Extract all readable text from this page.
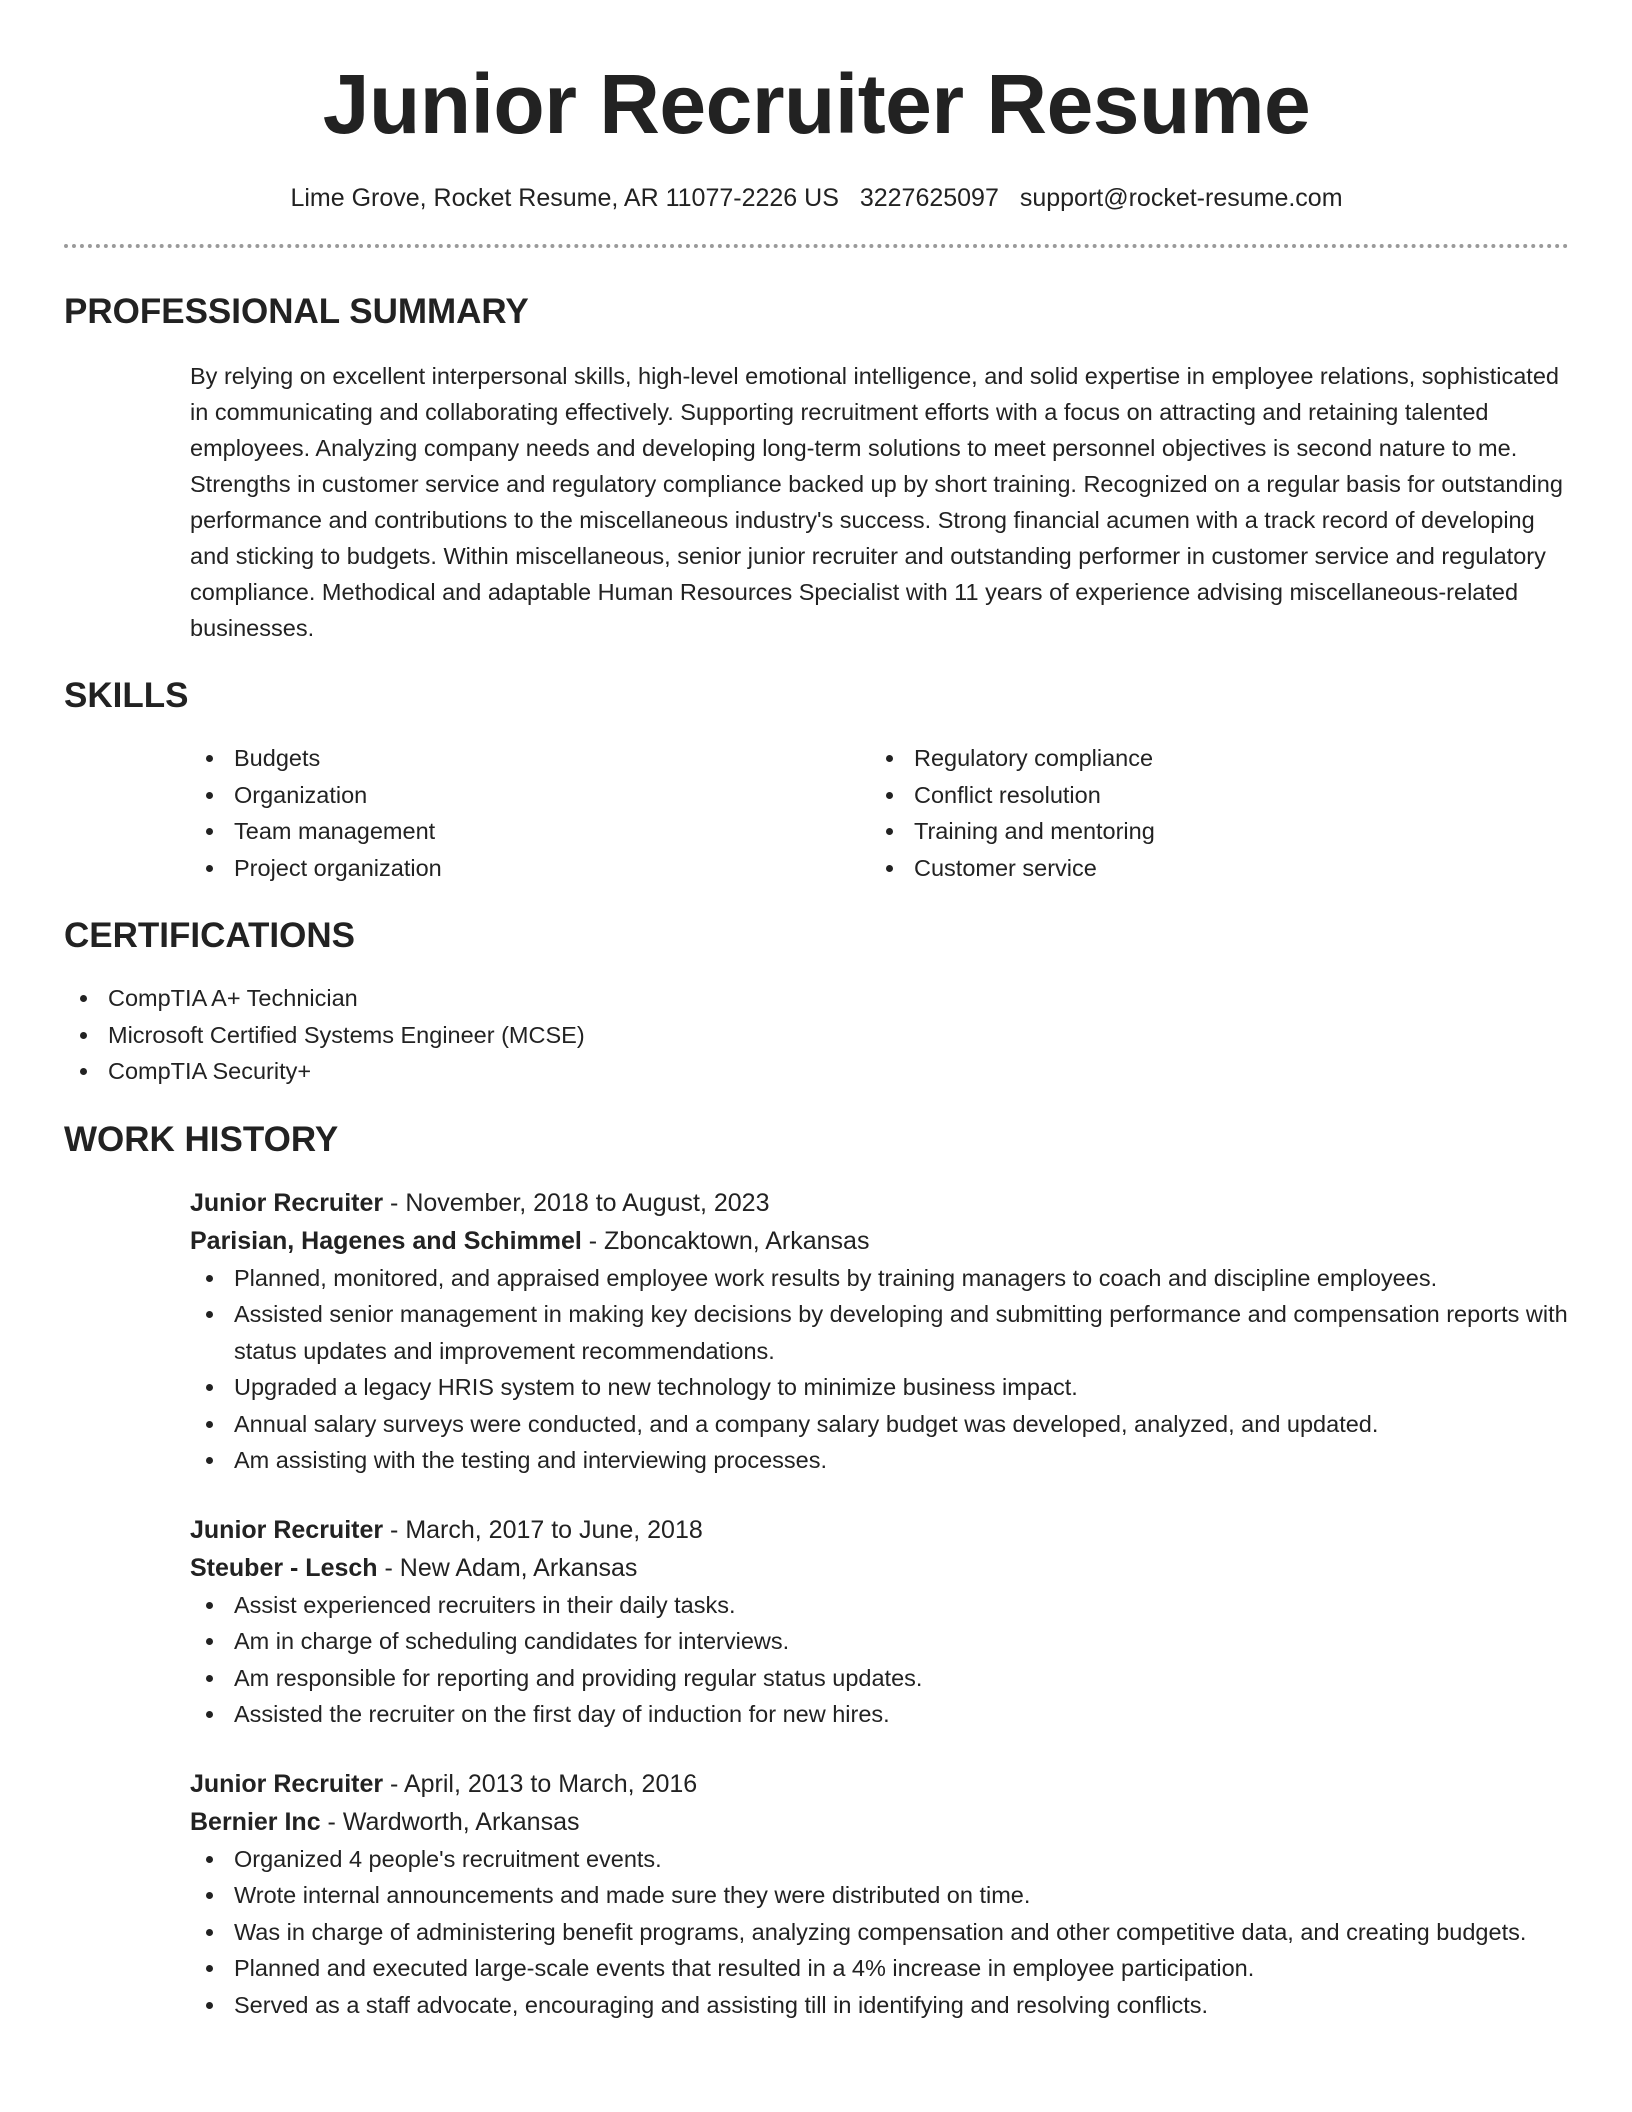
Junior Recruiter Resume
Lime Grove, Rocket Resume, AR 11077-2226 US 3227625097 support@rocket-resume.com
PROFESSIONAL SUMMARY

By relying on excellent interpersonal skills, high-level emotional intelligence, and solid expertise in employee relations, sophisticated in communicating and collaborating effectively. Supporting recruitment efforts with a focus on attracting and retaining talented employees. Analyzing company needs and developing long-term solutions to meet personnel objectives is second nature to me. Strengths in customer service and regulatory compliance backed up by short training. Recognized on a regular basis for outstanding performance and contributions to the miscellaneous industry's success. Strong financial acumen with a track record of developing and sticking to budgets. Within miscellaneous, senior junior recruiter and outstanding performer in customer service and regulatory compliance. Methodical and adaptable Human Resources Specialist with 11 years of experience advising miscellaneous-related businesses.

SKILLS
Budgets
Organization
Team management
Project organization
Regulatory compliance
Conflict resolution
Training and mentoring
Customer service
CERTIFICATIONS
CompTIA A+ Technician
Microsoft Certified Systems Engineer (MCSE)
CompTIA Security+
WORK HISTORY
Junior Recruiter - November, 2018 to August, 2023
Parisian, Hagenes and Schimmel - Zboncaktown, Arkansas
Planned, monitored, and appraised employee work results by training managers to coach and discipline employees.
Assisted senior management in making key decisions by developing and submitting performance and compensation reports with status updates and improvement recommendations.
Upgraded a legacy HRIS system to new technology to minimize business impact.
Annual salary surveys were conducted, and a company salary budget was developed, analyzed, and updated.
Am assisting with the testing and interviewing processes.
Junior Recruiter - March, 2017 to June, 2018
Steuber - Lesch - New Adam, Arkansas
Assist experienced recruiters in their daily tasks.
Am in charge of scheduling candidates for interviews.
Am responsible for reporting and providing regular status updates.
Assisted the recruiter on the first day of induction for new hires.
Junior Recruiter - April, 2013 to March, 2016
Bernier Inc - Wardworth, Arkansas
Organized 4 people's recruitment events.
Wrote internal announcements and made sure they were distributed on time.
Was in charge of administering benefit programs, analyzing compensation and other competitive data, and creating budgets.
Planned and executed large-scale events that resulted in a 4% increase in employee participation.
Served as a staff advocate, encouraging and assisting till in identifying and resolving conflicts.
